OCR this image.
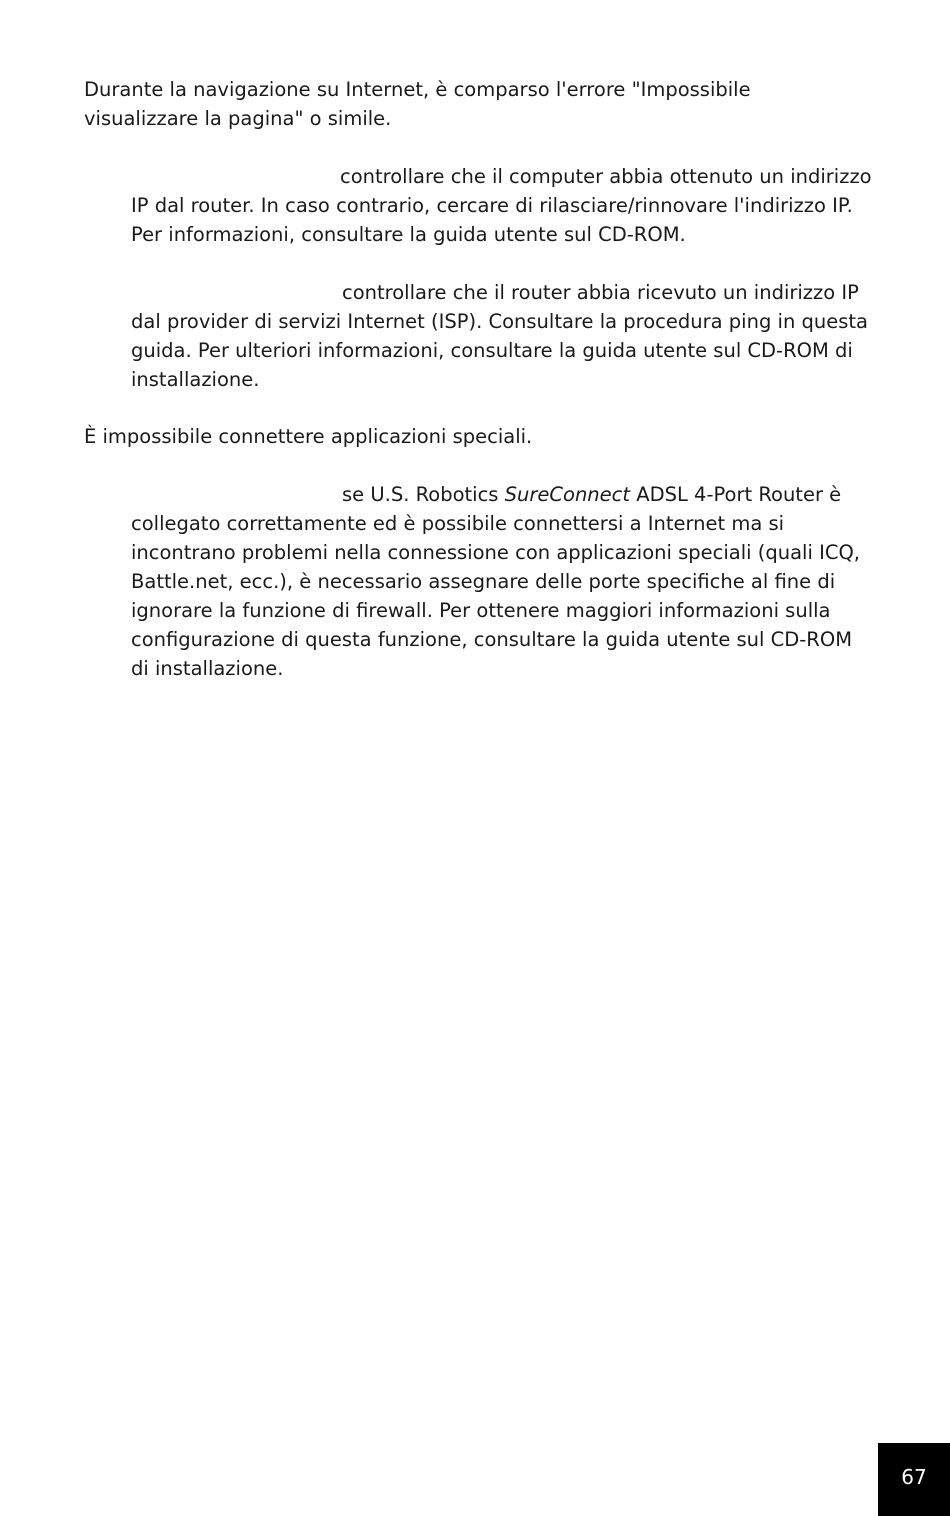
Durante la navigazione su Internet, è comparso l'errore "Impossibile
visualizzare la pagina" o simile.
controllare che il computer abbia ottenuto un indirizzo
IP dal router. In caso contrario, cercare di rilasciare/rinnovare l'indirizzo IP.
Per informazioni, consultare la guida utente sul CD-ROM.
controllare che il router abbia ricevuto un indirizzo IP
dal provider di servizi Internet (ISP). Consultare la procedura ping in questa
guida. Per ulteriori informazioni, consultare la guida utente sul CD-ROM di
installazione.
È impossibile connettere applicazioni speciali.
se U.S. Robotics SureConnect ADSL 4-Port Router è
collegato correttamente ed è possibile connettersi a Internet ma si
incontrano problemi nella connessione con applicazioni speciali (quali ICQ,
Battle.net, ecc.), è necessario assegnare delle porte specifiche al fine di
ignorare la funzione di firewall. Per ottenere maggiori informazioni sulla
configurazione di questa funzione, consultare la guida utente sul CD-ROM
di installazione.
67
